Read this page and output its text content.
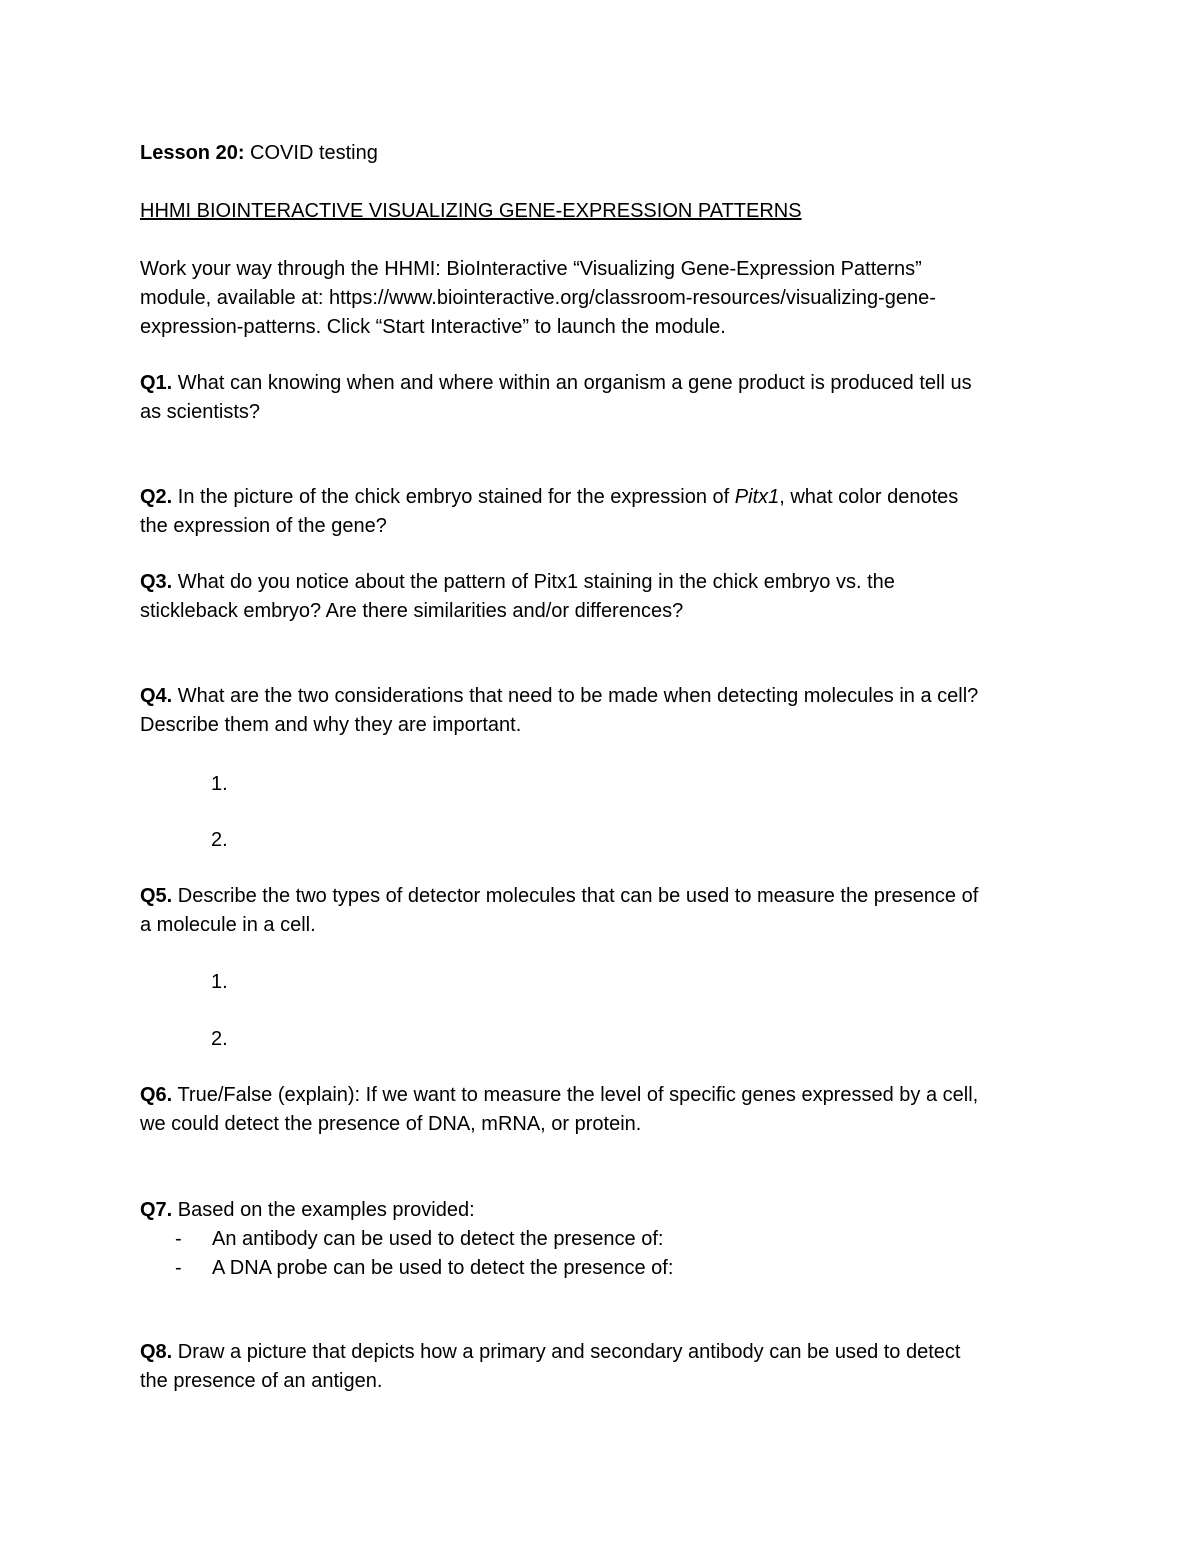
Lesson 20: COVID testing

HHMI BIOINTERACTIVE VISUALIZING GENE-EXPRESSION PATTERNS

Work your way through the HHMI: BioInteractive “Visualizing Gene-Expression Patterns”
module, available at: https://www.biointeractive.org/classroom-resources/visualizing-gene-
expression-patterns. Click “Start Interactive” to launch the module.
Q1. What can knowing when and where within an organism a gene product is produced tell us
as scientists?
Q2. In the picture of the chick embryo stained for the expression of Pitx1, what color denotes
the expression of the gene?
Q3. What do you notice about the pattern of Pitx1 staining in the chick embryo vs. the
stickleback embryo? Are there similarities and/or differences?
Q4. What are the two considerations that need to be made when detecting molecules in a cell?
Describe them and why they are important.

1.

2.

Q5. Describe the two types of detector molecules that can be used to measure the presence of
a molecule in a cell.

1.

2.

Q6. True/False (explain): If we want to measure the level of specific genes expressed by a cell,
we could detect the presence of DNA, mRNA, or protein.
Q7. Based on the examples provided:
- An antibody can be used to detect the presence of:
- A DNA probe can be used to detect the presence of:
Q8. Draw a picture that depicts how a primary and secondary antibody can be used to detect
the presence of an antigen.
